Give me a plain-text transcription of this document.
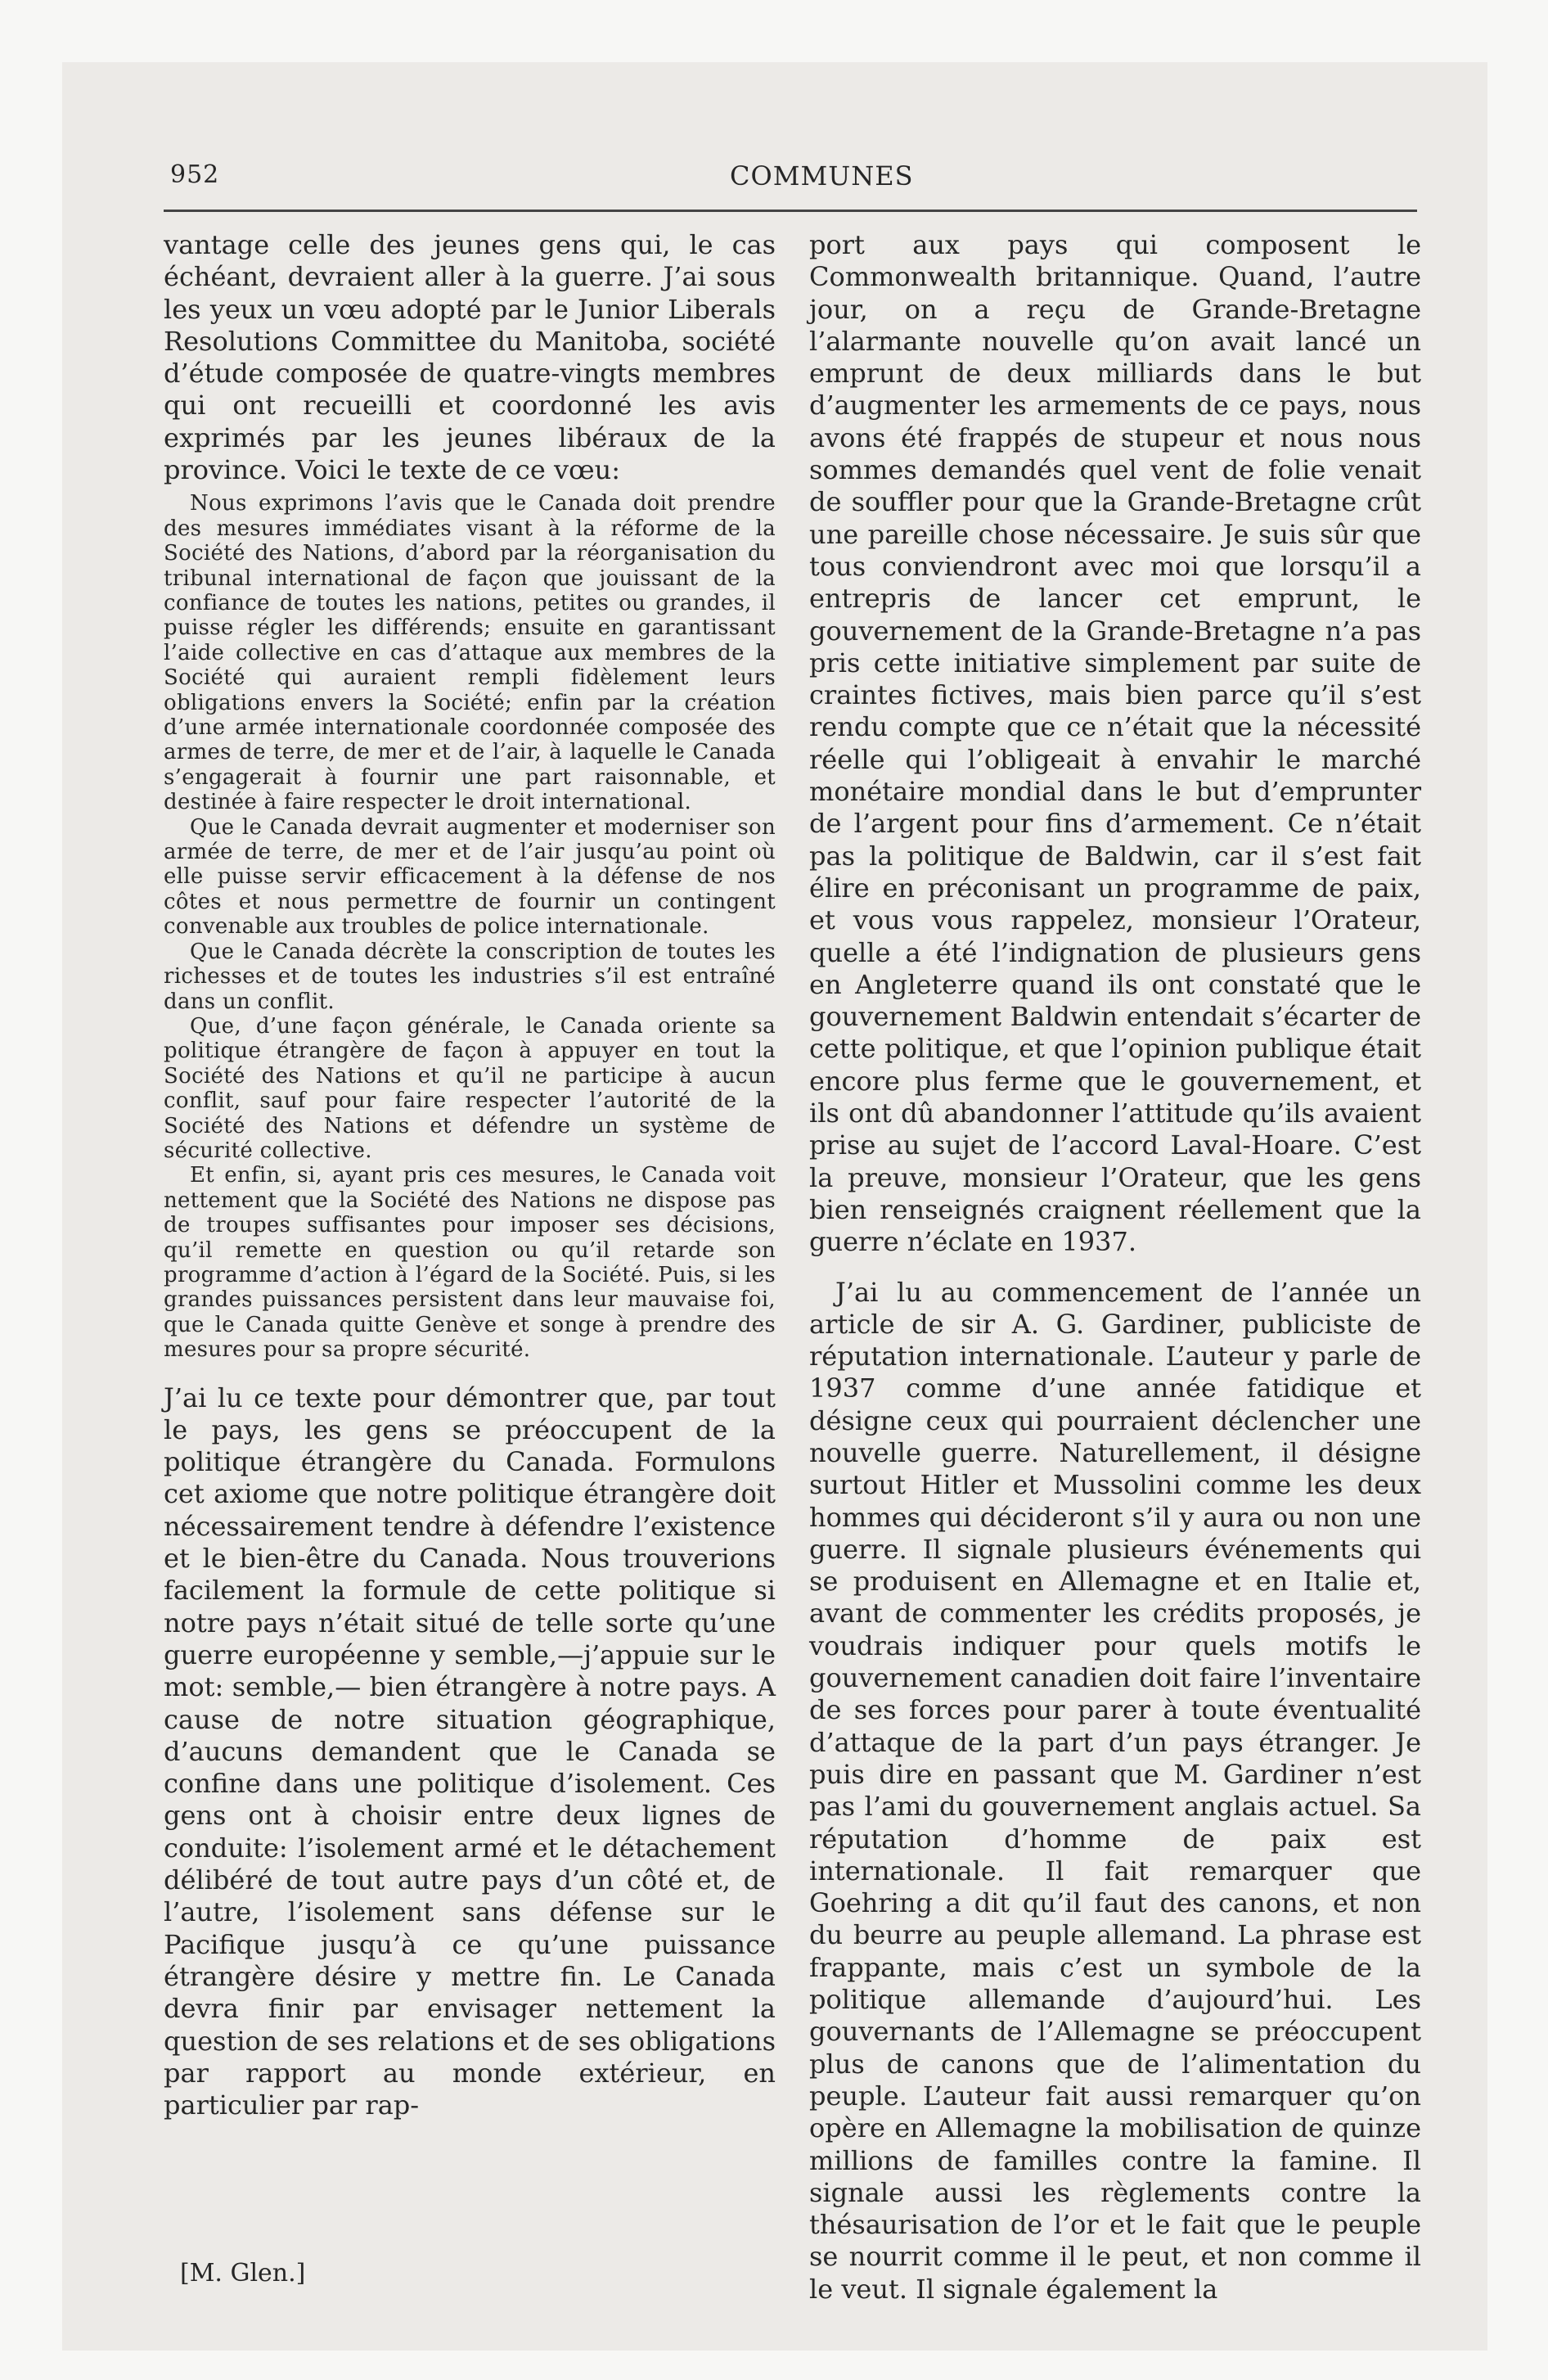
952	COMMUNES

vantage celle des jeunes gens qui, le cas échéant, devraient aller à la guerre. J’ai sous les yeux un vœu adopté par le Junior Liberals Resolutions Committee du Manitoba, société d’étude composée de quatre-vingts membres qui ont recueilli et coordonné les avis exprimés par les jeunes libéraux de la province. Voici le texte de ce vœu:

Nous exprimons l’avis que le Canada doit prendre des mesures immédiates visant à la réforme de la Société des Nations, d’abord par la réorganisation du tribunal international de façon que jouissant de la confiance de toutes les nations, petites ou grandes, il puisse régler les différends; ensuite en garantissant l’aide collective en cas d’attaque aux membres de la Société qui auraient rempli fidèlement leurs obligations envers la Société; enfin par la création d’une armée internationale coordonnée composée des armes de terre, de mer et de l’air, à laquelle le Canada s’engagerait à fournir une part raisonnable, et destinée à faire respecter le droit international.

Que le Canada devrait augmenter et moderniser son armée de terre, de mer et de l’air jusqu’au point où elle puisse servir efficacement à la défense de nos côtes et nous permettre de fournir un contingent convenable aux troubles de police internationale.

Que le Canada décrète la conscription de toutes les richesses et de toutes les industries s’il est entraîné dans un conflit.

Que, d’une façon générale, le Canada oriente sa politique étrangère de façon à appuyer en tout la Société des Nations et qu’il ne participe à aucun conflit, sauf pour faire respecter l’autorité de la Société des Nations et défendre un système de sécurité collective.

Et enfin, si, ayant pris ces mesures, le Canada voit nettement que la Société des Nations ne dispose pas de troupes suffisantes pour imposer ses décisions, qu’il remette en question ou qu’il retarde son programme d’action à l’égard de la Société. Puis, si les grandes puissances persistent dans leur mauvaise foi, que le Canada quitte Genève et songe à prendre des mesures pour sa propre sécurité.

J’ai lu ce texte pour démontrer que, par tout le pays, les gens se préoccupent de la politique étrangère du Canada. Formulons cet axiome que notre politique étrangère doit nécessairement tendre à défendre l’existence et le bien-être du Canada. Nous trouverions facilement la formule de cette politique si notre pays n’était situé de telle sorte qu’une guerre européenne y semble,—j’appuie sur le mot: semble,— bien étrangère à notre pays. A cause de notre situation géographique, d’aucuns demandent que le Canada se confine dans une politique d’isolement. Ces gens ont à choisir entre deux lignes de conduite: l’isolement armé et le détachement délibéré de tout autre pays d’un côté et, de l’autre, l’isolement sans défense sur le Pacifique jusqu’à ce qu’une puissance étrangère désire y mettre fin. Le Canada devra finir par envisager nettement la question de ses relations et de ses obligations par rapport au monde extérieur, en particulier par rap-

[M. Glen.]

port aux pays qui composent le Commonwealth britannique. Quand, l’autre jour, on a reçu de Grande-Bretagne l’alarmante nouvelle qu’on avait lancé un emprunt de deux milliards dans le but d’augmenter les armements de ce pays, nous avons été frappés de stupeur et nous nous sommes demandés quel vent de folie venait de souffler pour que la Grande-Bretagne crût une pareille chose nécessaire. Je suis sûr que tous conviendront avec moi que lorsqu’il a entrepris de lancer cet emprunt, le gouvernement de la Grande-Bretagne n’a pas pris cette initiative simplement par suite de craintes fictives, mais bien parce qu’il s’est rendu compte que ce n’était que la nécessité réelle qui l’obligeait à envahir le marché monétaire mondial dans le but d’emprunter de l’argent pour fins d’armement. Ce n’était pas la politique de Baldwin, car il s’est fait élire en préconisant un programme de paix, et vous vous rappelez, monsieur l’Orateur, quelle a été l’indignation de plusieurs gens en Angleterre quand ils ont constaté que le gouvernement Baldwin entendait s’écarter de cette politique, et que l’opinion publique était encore plus ferme que le gouvernement, et ils ont dû abandonner l’attitude qu’ils avaient prise au sujet de l’accord Laval-Hoare. C’est la preuve, monsieur l’Orateur, que les gens bien renseignés craignent réellement que la guerre n’éclate en 1937.

J’ai lu au commencement de l’année un article de sir A. G. Gardiner, publiciste de réputation internationale. L’auteur y parle de 1937 comme d’une année fatidique et désigne ceux qui pourraient déclencher une nouvelle guerre. Naturellement, il désigne surtout Hitler et Mussolini comme les deux hommes qui décideront s’il y aura ou non une guerre. Il signale plusieurs événements qui se produisent en Allemagne et en Italie et, avant de commenter les crédits proposés, je voudrais indiquer pour quels motifs le gouvernement canadien doit faire l’inventaire de ses forces pour parer à toute éventualité d’attaque de la part d’un pays étranger. Je puis dire en passant que M. Gardiner n’est pas l’ami du gouvernement anglais actuel. Sa réputation d’homme de paix est internationale. Il fait remarquer que Goehring a dit qu’il faut des canons, et non du beurre au peuple allemand. La phrase est frappante, mais c’est un symbole de la politique allemande d’aujourd’hui. Les gouvernants de l’Allemagne se préoccupent plus de canons que de l’alimentation du peuple. L’auteur fait aussi remarquer qu’on opère en Allemagne la mobilisation de quinze millions de familles contre la famine. Il signale aussi les règlements contre la thésaurisation de l’or et le fait que le peuple se nourrit comme il le peut, et non comme il le veut. Il signale également la
